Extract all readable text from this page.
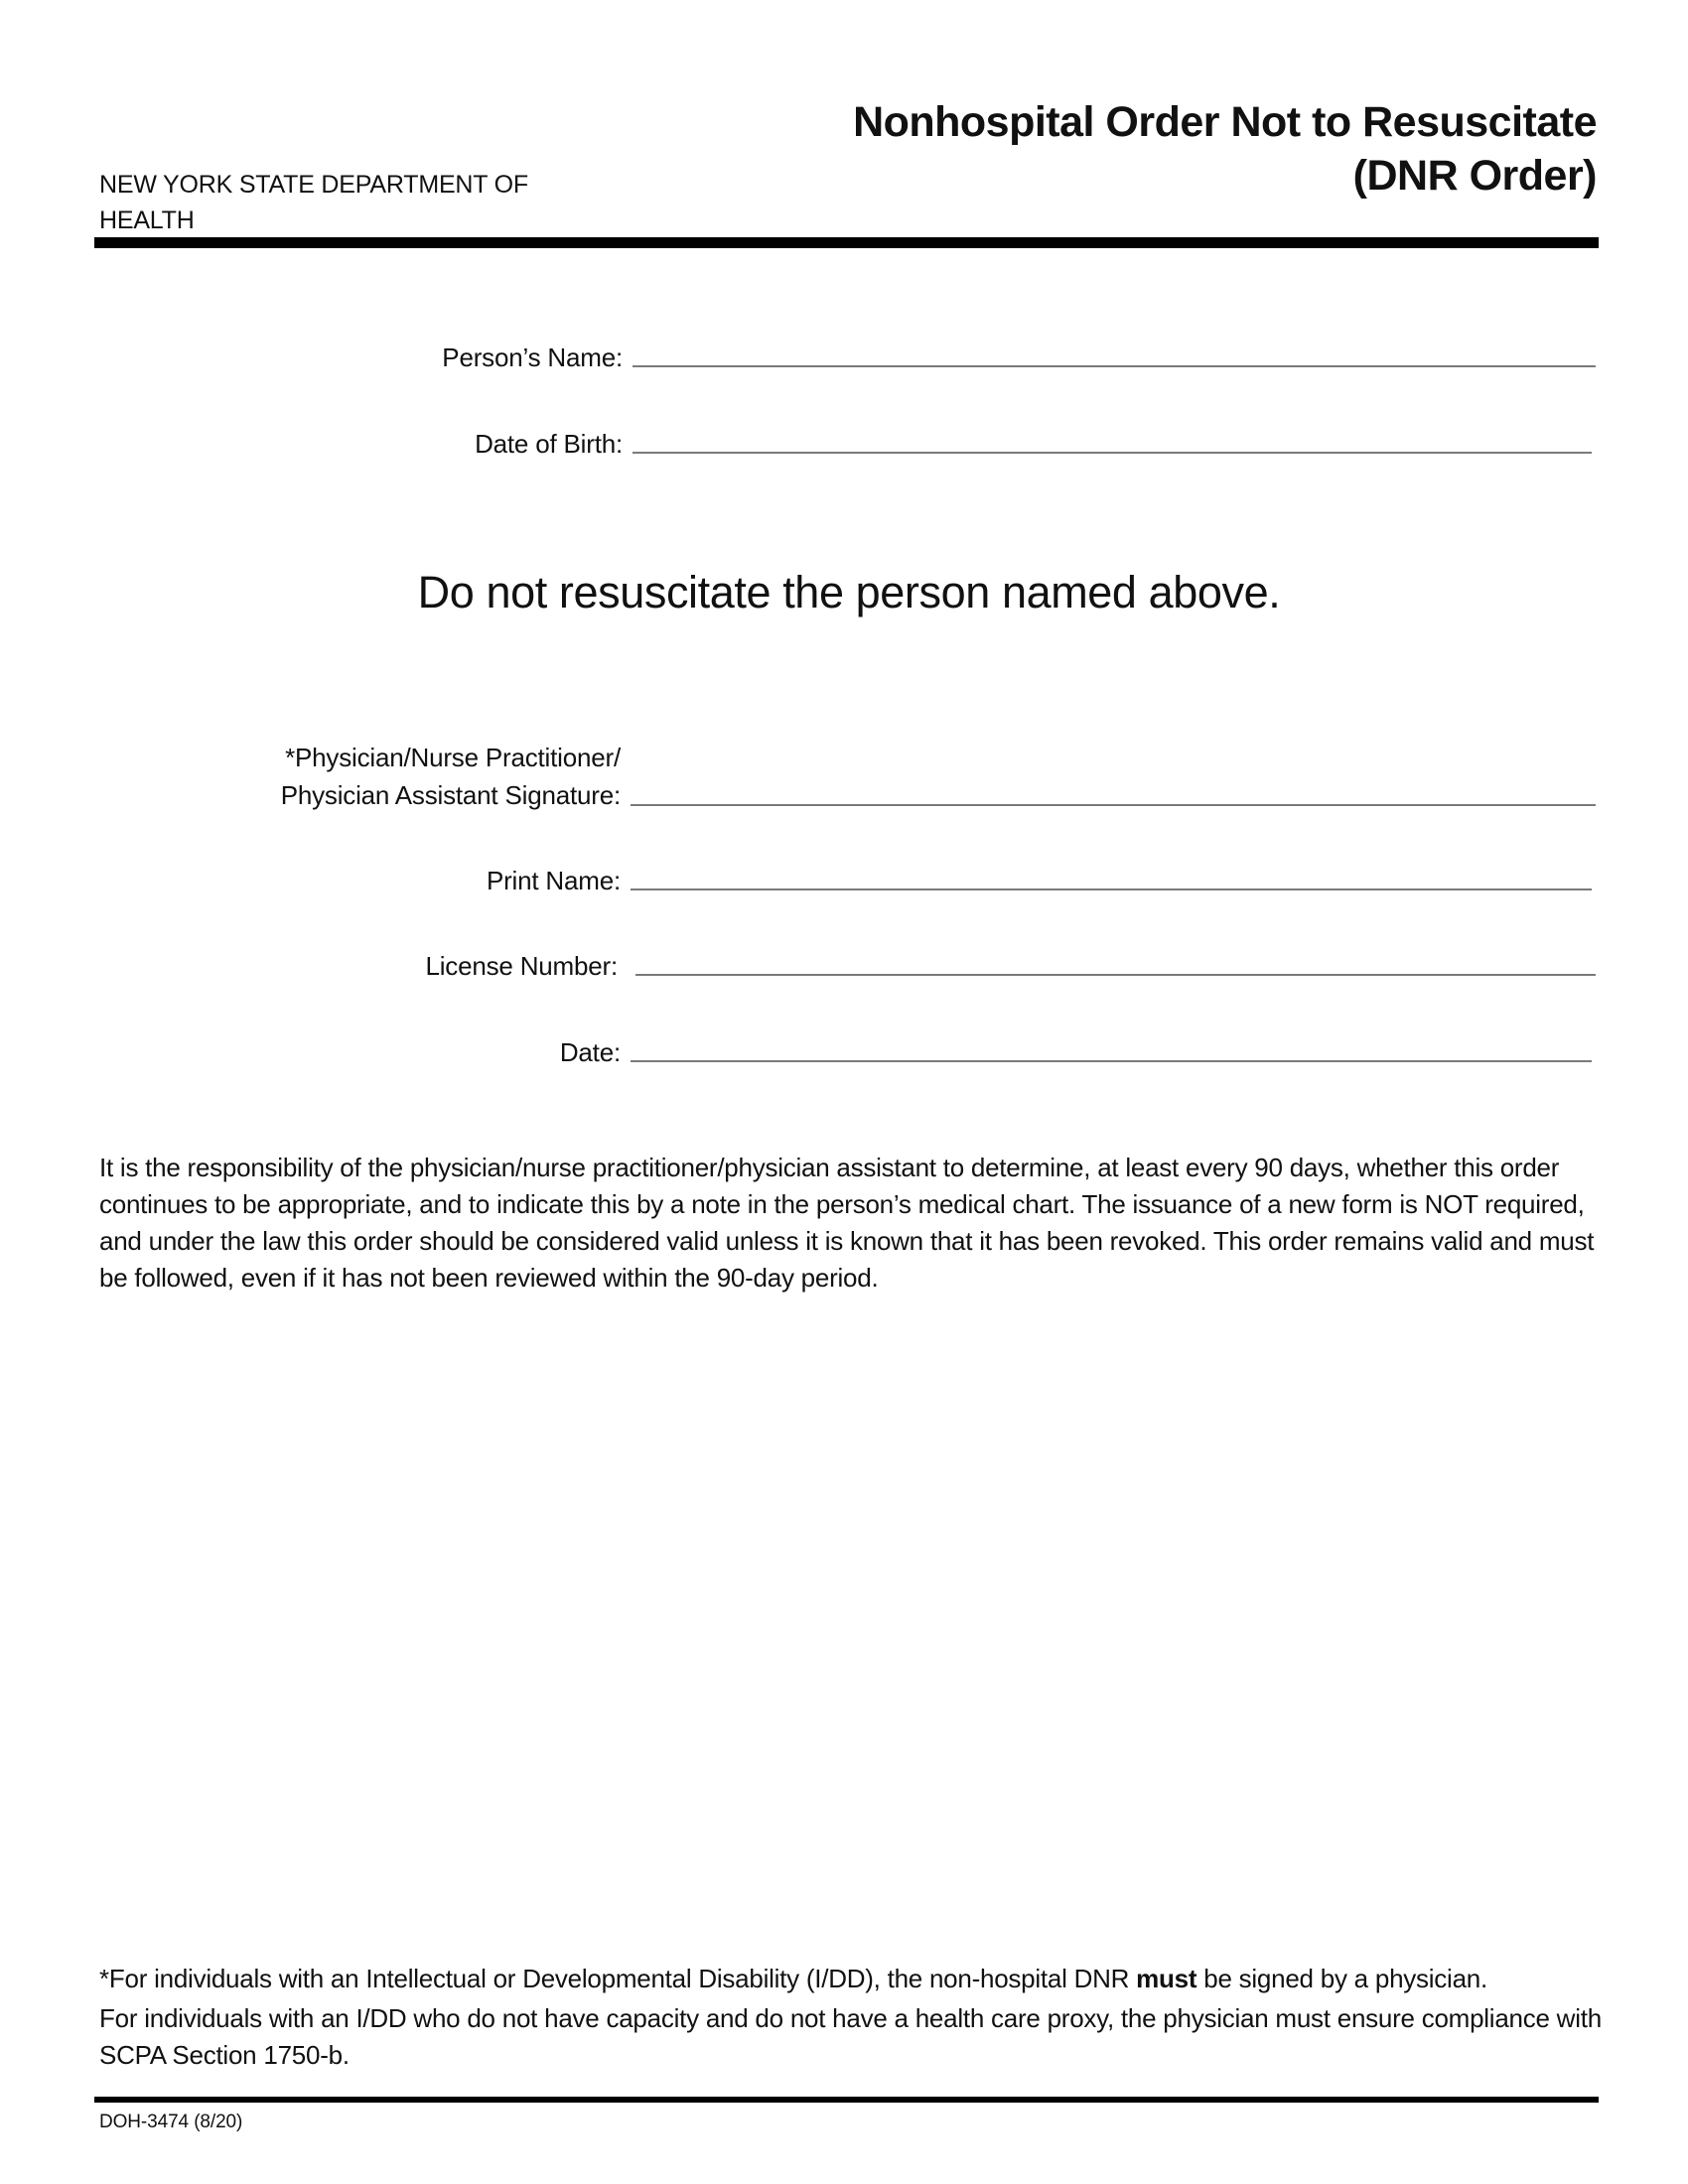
NEW YORK STATE DEPARTMENT OF
HEALTH
Nonhospital Order Not to Resuscitate
(DNR Order)
Person’s Name:
Date of Birth:
Do not resuscitate the person named above.
*Physician/Nurse Practitioner/
Physician Assistant Signature:
Print Name:
License Number:
Date:
It is the responsibility of the physician/nurse practitioner/physician assistant to determine, at least every 90 days, whether this order continues to be appropriate, and to indicate this by a note in the person’s medical chart. The issuance of a new form is NOT required, and under the law this order should be considered valid unless it is known that it has been revoked. This order remains valid and must be followed, even if it has not been reviewed within the 90-day period.
*For individuals with an Intellectual or Developmental Disability (I/DD), the non-hospital DNR must be signed by a physician.
For individuals with an I/DD who do not have capacity and do not have a health care proxy, the physician must ensure compliance with SCPA Section 1750-b.
DOH-3474 (8/20)
